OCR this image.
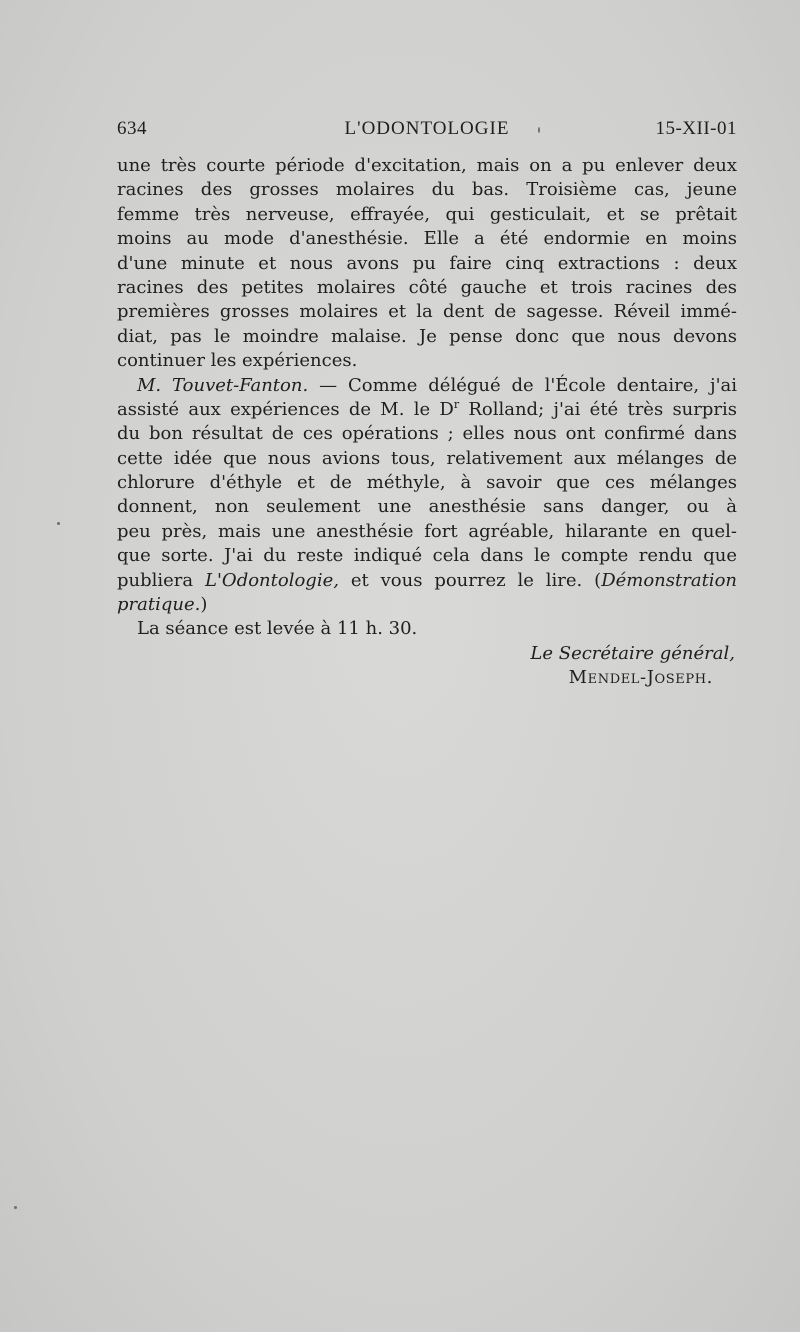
634	L'ODONTOLOGIE	15-XII-01
une très courte période d'excitation, mais on a pu enlever deux
racines des grosses molaires du bas. Troisième cas, jeune
femme très nerveuse, effrayée, qui gesticulait, et se prêtait
moins au mode d'anesthésie. Elle a été endormie en moins
d'une minute et nous avons pu faire cinq extractions : deux
racines des petites molaires côté gauche et trois racines des
premières grosses molaires et la dent de sagesse. Réveil immé-
diat, pas le moindre malaise. Je pense donc que nous devons
continuer les expériences.
M. Touvet-Fanton. — Comme délégué de l'École dentaire, j'ai
assisté aux expériences de M. le $D^r$ Rolland; j'ai été très surpris
du bon résultat de ces opérations ; elles nous ont confirmé dans
cette idée que nous avions tous, relativement aux mélanges de
chlorure d'éthyle et de méthyle, à savoir que ces mélanges
donnent, non seulement une anesthésie sans danger, ou à
peu près, mais une anesthésie fort agréable, hilarante en quel-
que sorte. J'ai du reste indiqué cela dans le compte rendu que
publiera L'Odontologie, et vous pourrez le lire. (Démonstration
pratique.)
La séance est levée à 11 h. 30.
Le Secrétaire général,
Mendel-Joseph.
